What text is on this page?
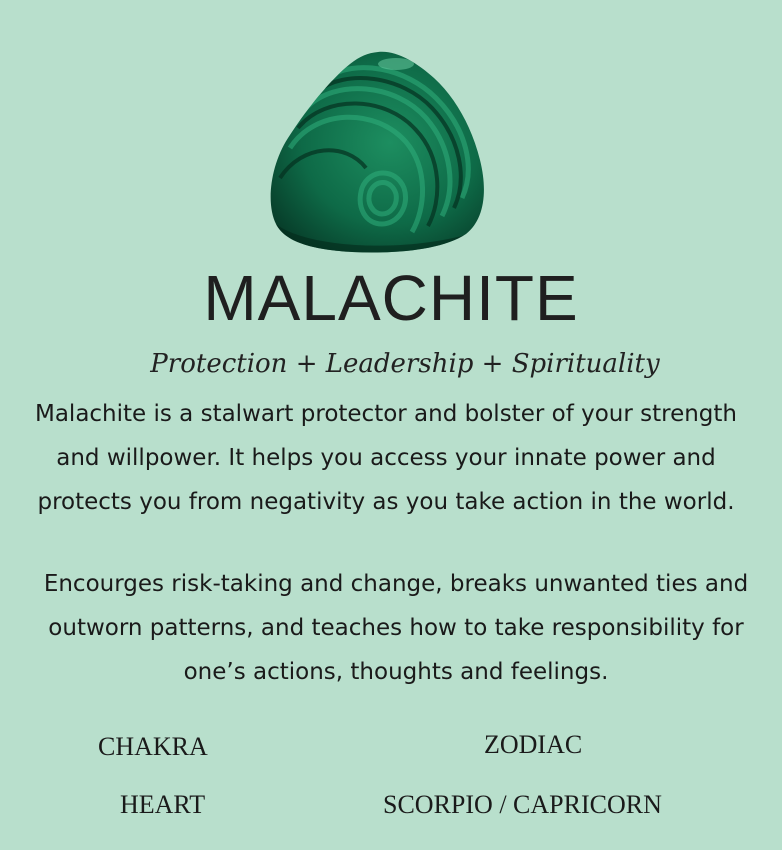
MALACHITE
Protection + Leadership + Spirituality
Malachite is a stalwart protector and bolster of your strength and willpower. It helps you access your innate power and protects you from negativity as you take action in the world.
Encourges risk-taking and change, breaks unwanted ties and outworn patterns, and teaches how to take responsibility for one’s actions, thoughts and feelings.
CHAKRA	ZODIAC
HEART	SCORPIO / CAPRICORN
